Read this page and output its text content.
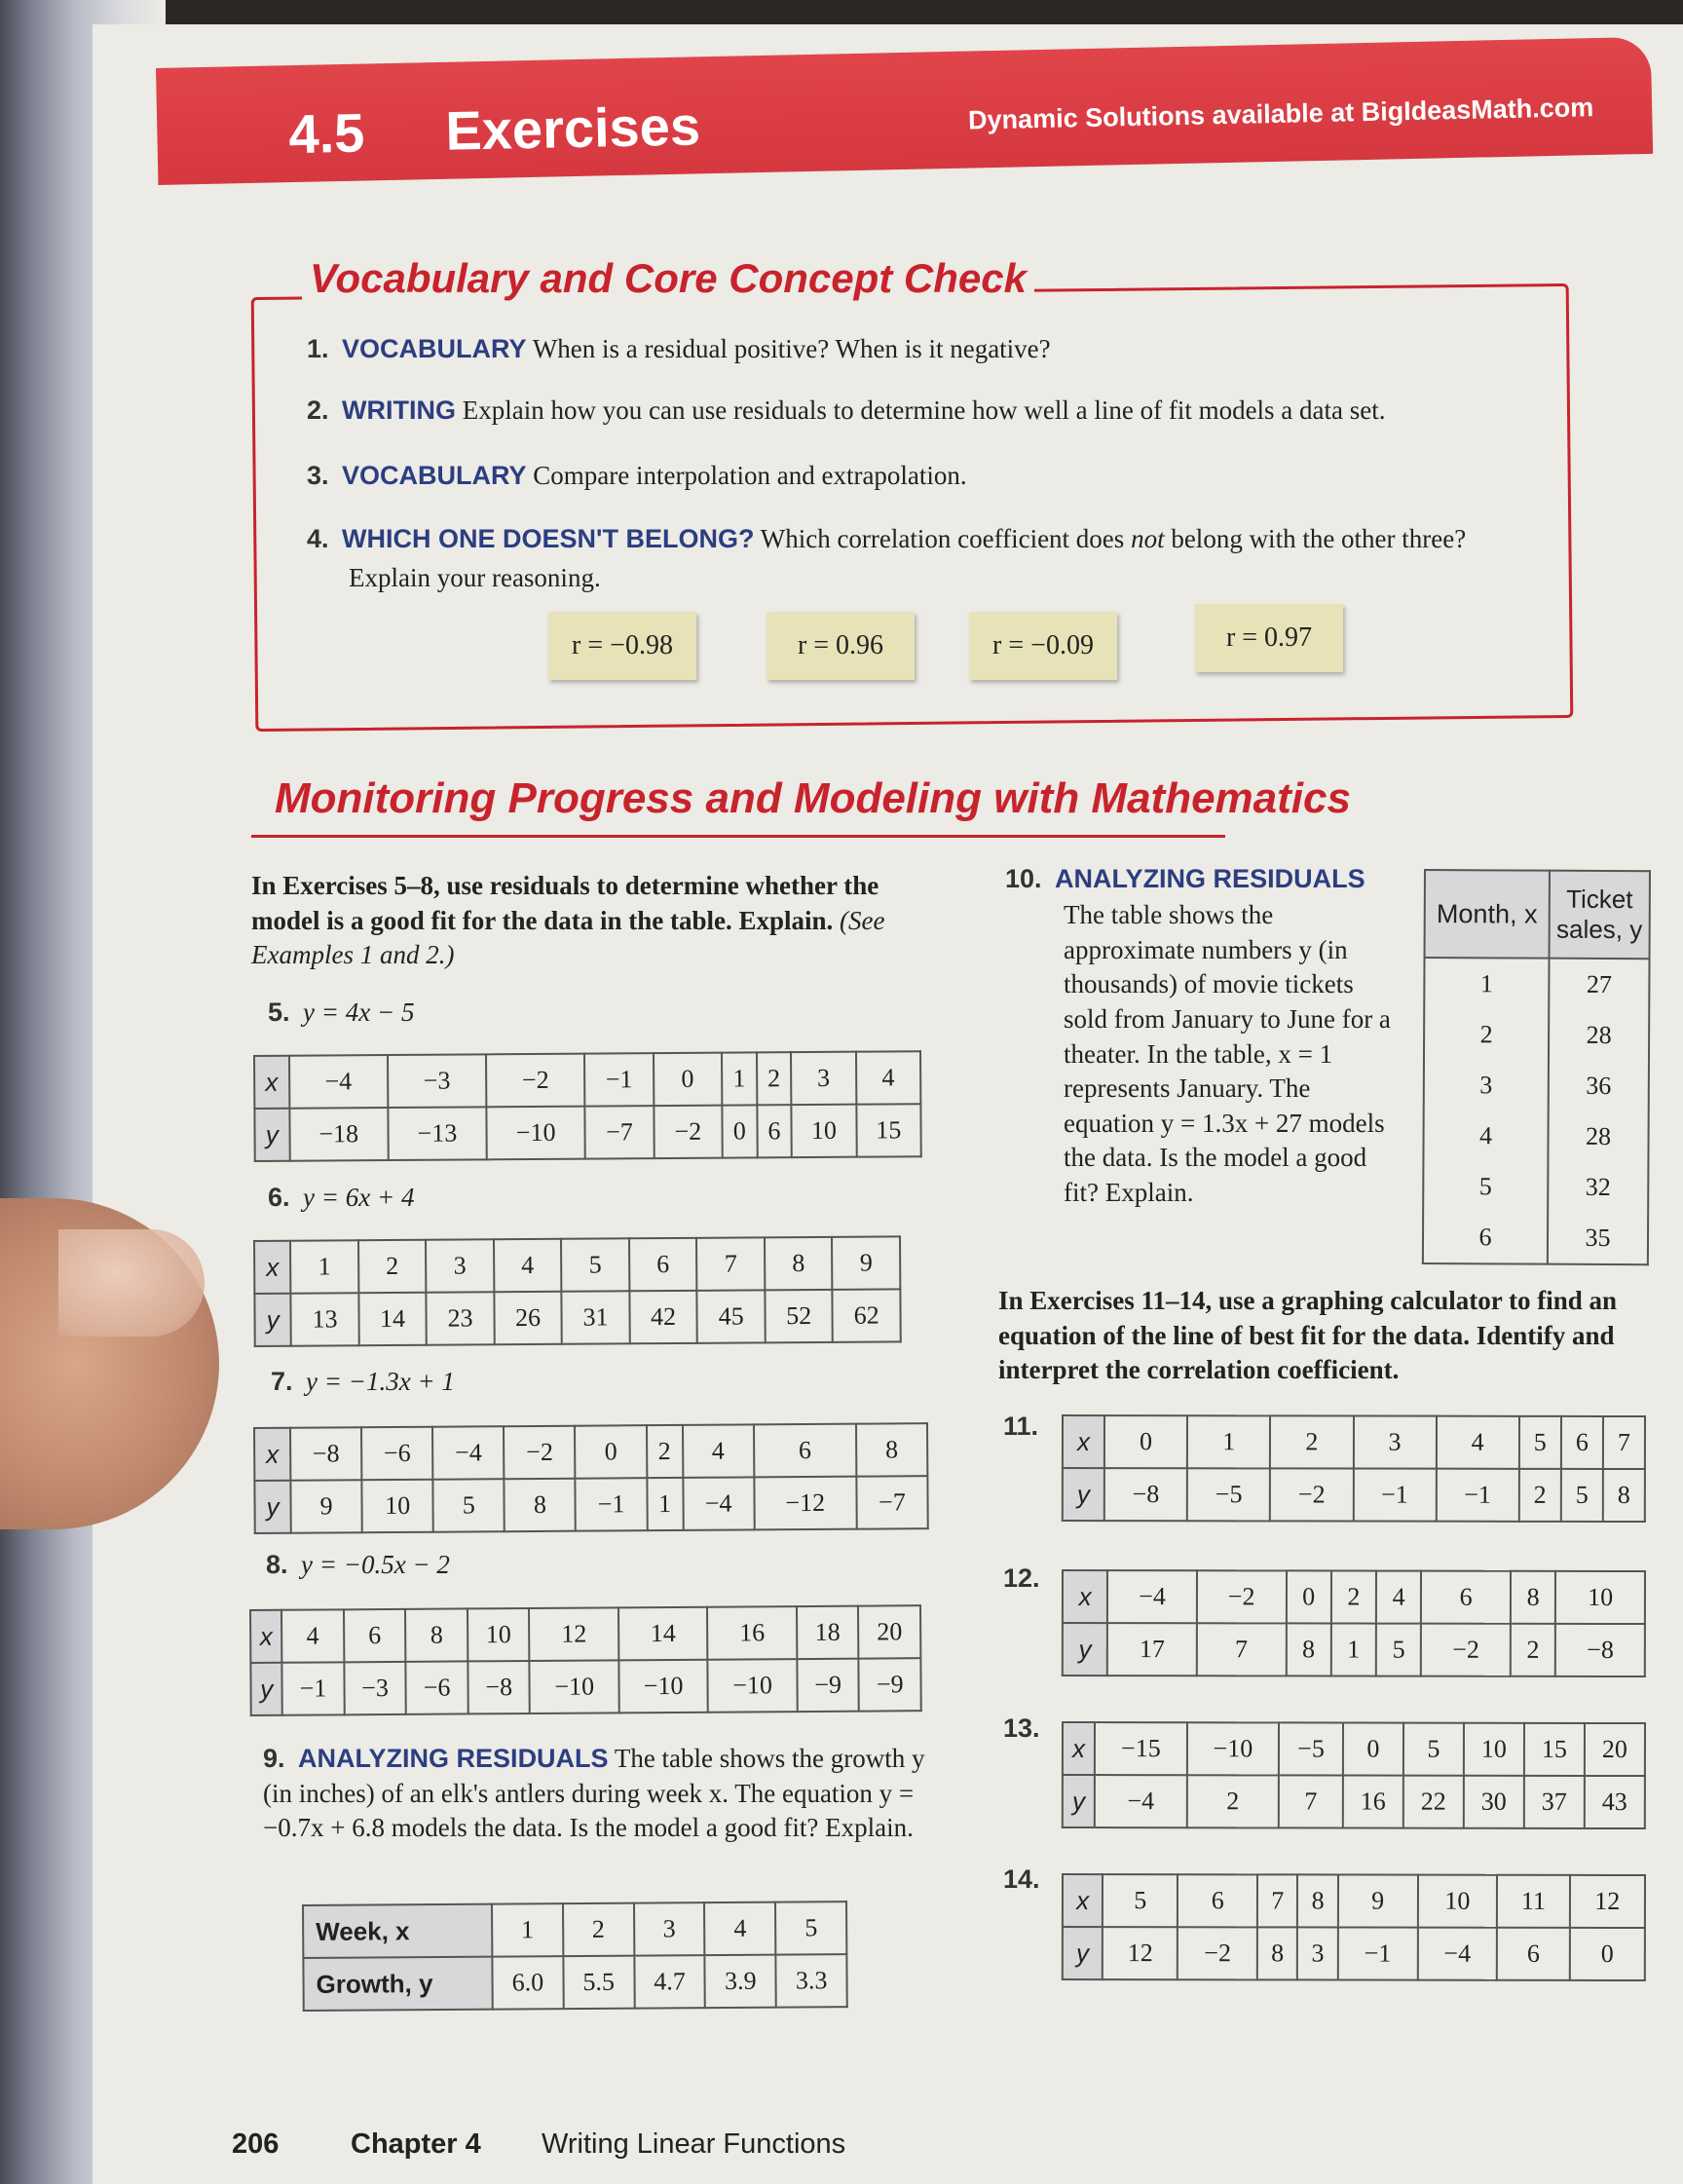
4.5 Exercises	Dynamic Solutions available at BigIdeasMath.com
Vocabulary and Core Concept Check
1. VOCABULARY When is a residual positive? When is it negative?
2. WRITING Explain how you can use residuals to determine how well a line of fit models a data set.
3. VOCABULARY Compare interpolation and extrapolation.
4. WHICH ONE DOESN'T BELONG? Which correlation coefficient does not belong with the other three?
Explain your reasoning.
r = −0.98	r = 0.96	r = −0.09	r = 0.97
Monitoring Progress and Modeling with Mathematics
In Exercises 5–8, use residuals to determine whether the model is a good fit for the data in the table. Explain. (See Examples 1 and 2.)
5. y = 4x − 5
x	−4	−3	−2	−1	0	1	2	3	4
y	−18	−13	−10	−7	−2	0	6	10	15
6. y = 6x + 4
x	1	2	3	4	5	6	7	8	9
y	13	14	23	26	31	42	45	52	62
7. y = −1.3x + 1
x	−8	−6	−4	−2	0	2	4	6	8
y	9	10	5	8	−1	1	−4	−12	−7
8. y = −0.5x − 2
x	4	6	8	10	12	14	16	18	20
y	−1	−3	−6	−8	−10	−10	−10	−9	−9
9. ANALYZING RESIDUALS The table shows the growth y (in inches) of an elk's antlers during week x. The equation y = −0.7x + 6.8 models the data. Is the model a good fit? Explain.
Week, x	1	2	3	4	5
Growth, y	6.0	5.5	4.7	3.9	3.3
10. ANALYZING RESIDUALS
The table shows the approximate numbers y (in thousands) of movie tickets sold from January to June for a theater. In the table, x = 1 represents January. The equation y = 1.3x + 27 models the data. Is the model a good fit? Explain.
Month, x	Ticket sales, y
1	27
2	28
3	36
4	28
5	32
6	35
In Exercises 11–14, use a graphing calculator to find an equation of the line of best fit for the data. Identify and interpret the correlation coefficient.
11.
x	0	1	2	3	4	5	6	7
y	−8	−5	−2	−1	−1	2	5	8
12.
x	−4	−2	0	2	4	6	8	10
y	17	7	8	1	5	−2	2	−8
13.
x	−15	−10	−5	0	5	10	15	20
y	−4	2	7	16	22	30	37	43
14.
x	5	6	7	8	9	10	11	12
y	12	−2	8	3	−1	−4	6	0
206	Chapter 4 Writing Linear Functions
